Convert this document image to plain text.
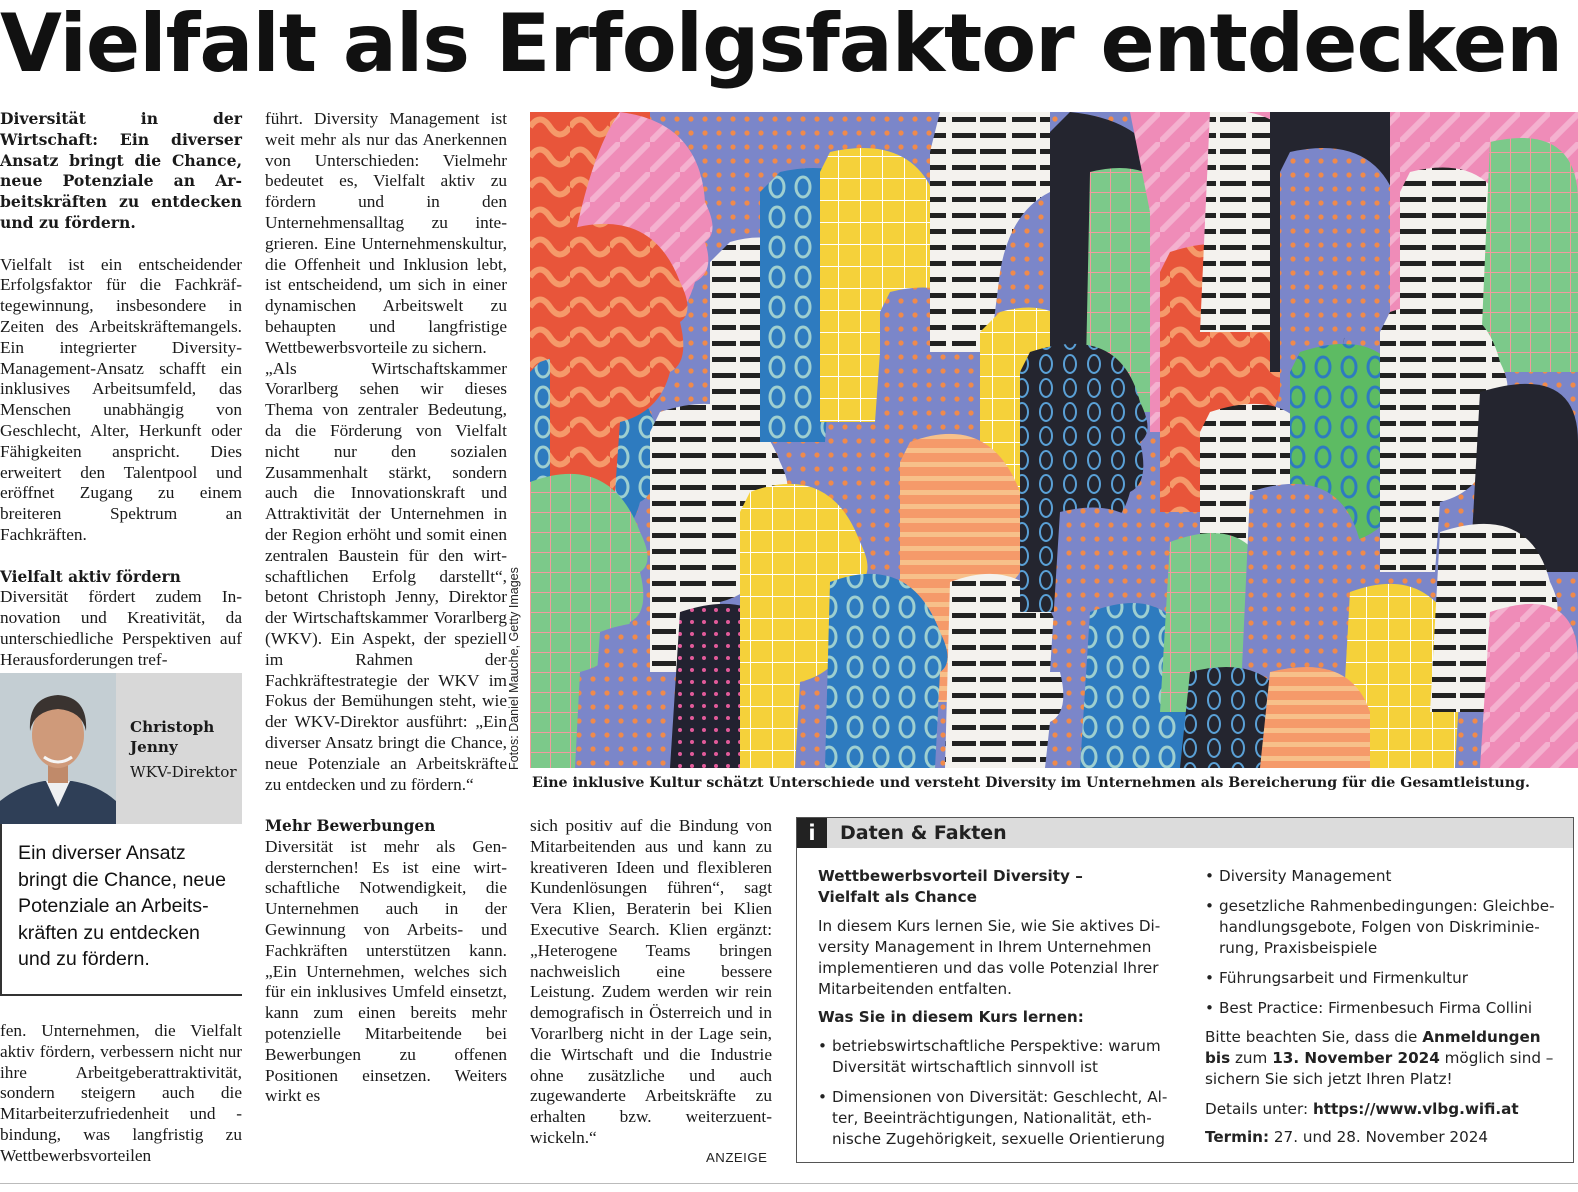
Vielfalt als Erfolgsfaktor entdecken

Diversität in der Wirtschaft: Ein diverser Ansatz bringt die Chance, neue Potenziale an Arbeitskräften zu entdecken und zu fördern.

Vielfalt ist ein entscheidender Erfolgsfaktor für die Fachkräftegewinnung, insbesondere in Zeiten des Arbeitskräftemangels. Ein integrierter Diversity-Management-Ansatz schafft ein inklusives Arbeitsumfeld, das Menschen unabhängig von Geschlecht, Alter, Herkunft oder Fähigkeiten anspricht. Dies erweitert den Talentpool und eröffnet Zugang zu einem breiteren Spektrum an Fachkräften.

Vielfalt aktiv fördern

Diversität fördert zudem Innovation und Kreativität, da unterschiedliche Perspektiven auf Herausforderungen tref-

Christoph Jenny
WKV-Direktor
Ein diverser Ansatz bringt die Chance, neue Potenziale an Arbeitskräften zu entdecken und zu fördern.

fen. Unternehmen, die Vielfalt aktiv fördern, verbessern nicht nur ihre Arbeitgeberattraktivität, sondern steigern auch die Mitarbeiterzufriedenheit und -bindung, was langfristig zu Wettbewerbsvorteilen

führt. Diversity Management ist weit mehr als nur das Anerkennen von Unterschieden: Vielmehr bedeutet es, Vielfalt aktiv zu fördern und in den Unternehmensalltag zu integrieren. Eine Unternehmenskultur, die Offenheit und Inklusion lebt, ist entscheidend, um sich in einer dynamischen Arbeitswelt zu behaupten und langfristige Wettbewerbsvorteile zu sichern.

„Als Wirtschaftskammer Vorarlberg sehen wir dieses Thema von zentraler Bedeutung, da die Förderung von Vielfalt nicht nur den sozialen Zusammenhalt stärkt, sondern auch die Innovationskraft und Attraktivität der Unternehmen in der Region erhöht und somit einen zentralen Baustein für den wirtschaftlichen Erfolg darstellt“, betont Christoph Jenny, Direktor der Wirtschaftskammer Vorarlberg (WKV). Ein Aspekt, der speziell im Rahmen der Fachkräftestrategie der WKV im Fokus der Bemühungen steht, wie der WKV-Direktor ausführt: „Ein diverser Ansatz bringt die Chance, neue Potenziale an Arbeitskräfte zu entdecken und zu fördern.“

Mehr Bewerbungen

Diversität ist mehr als Gendersternchen! Es ist eine wirtschaftliche Notwendigkeit, die Unternehmen auch in der Gewinnung von Arbeits- und Fachkräften unterstützen kann. „Ein Unternehmen, welches sich für ein inklusives Umfeld einsetzt, kann zum einen bereits mehr potenzielle Mitarbeitende bei Bewerbungen zu offenen Positionen einsetzen. Weiters wirkt es

Fotos: Daniel Mauche, Getty Images
Eine inklusive Kultur schätzt Unterschiede und versteht Diversity im Unternehmen als Bereicherung für die Gesamtleistung.

sich positiv auf die Bindung von Mitarbeitenden aus und kann zu kreativeren Ideen und flexibleren Kundenlösungen führen“, sagt Vera Klien, Beraterin bei Klien Executive Search. Klien ergänzt: „Heterogene Teams bringen nachweislich eine bessere Leistung. Zudem werden wir rein demografisch in Österreich und in Vorarlberg nicht in der Lage sein, die Wirtschaft und die Industrie ohne zusätzliche und auch zugewanderte Arbeitskräfte zu erhalten bzw. weiterzuentwickeln.“

ANZEIGE
i	Daten & Fakten

Wettbewerbsvorteil Diversity –
Vielfalt als Chance

In diesem Kurs lernen Sie, wie Sie aktives Diversity Management in Ihrem Unternehmen implementieren und das volle Potenzial Ihrer Mitarbeitenden entfalten.

Was Sie in diesem Kurs lernen:

• betriebswirtschaftliche Perspektive: warum Diversität wirtschaftlich sinnvoll ist
• Dimensionen von Diversität: Geschlecht, Alter, Beeinträchtigungen, Nationalität, ethnische Zugehörigkeit, sexuelle Orientierung
• Diversity Management
• gesetzliche Rahmenbedingungen: Gleichbehandlungsgebote, Folgen von Diskriminierung, Praxisbeispiele
• Führungsarbeit und Firmenkultur
• Best Practice: Firmenbesuch Firma Collini

Bitte beachten Sie, dass die Anmeldungen bis zum 13. November 2024 möglich sind – sichern Sie sich jetzt Ihren Platz!

Details unter: https://www.vlbg.wifi.at

Termin: 27. und 28. November 2024
